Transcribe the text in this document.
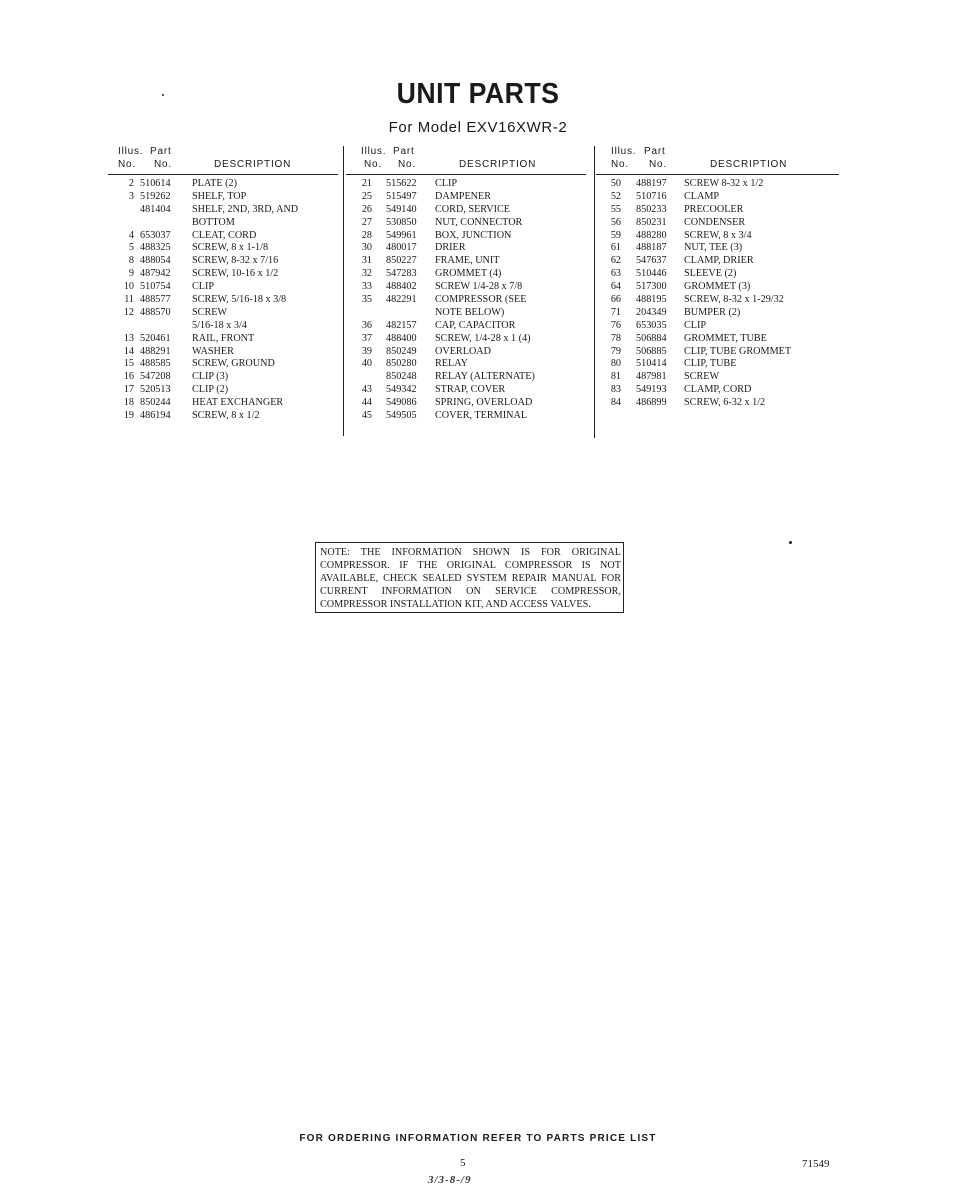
UNIT PARTS
For Model EXV16XWR-2
Illus. Part
No. No.	DESCRIPTION
2 510614 PLATE (2)
3 519262 SHELF, TOP
481404 SHELF, 2ND, 3RD, AND
BOTTOM
4 653037 CLEAT, CORD
5 488325 SCREW, 8 x 1-1/8
8 488054 SCREW, 8-32 x 7/16
9 487942 SCREW, 10-16 x 1/2
10 510754 CLIP
11 488577 SCREW, 5/16-18 x 3/8
12 488570 SCREW
5/16-18 x 3/4
13 520461 RAIL, FRONT
14 488291 WASHER
15 488585 SCREW, GROUND
16 547208 CLIP (3)
17 520513 CLIP (2)
18 850244 HEAT EXCHANGER
19 486194 SCREW, 8 x 1/2
Illus. Part
No. No.	DESCRIPTION
21 515622 CLIP
25 515497 DAMPENER
26 549140 CORD, SERVICE
27 530850 NUT, CONNECTOR
28 549961 BOX, JUNCTION
30 480017 DRIER
31 850227 FRAME, UNIT
32 547283 GROMMET (4)
33 488402 SCREW 1/4-28 x 7/8
35 482291 COMPRESSOR (SEE
NOTE BELOW)
36 482157 CAP, CAPACITOR
37 488400 SCREW, 1/4-28 x 1 (4)
39 850249 OVERLOAD
40 850280 RELAY
850248 RELAY (ALTERNATE)
43 549342 STRAP, COVER
44 549086 SPRING, OVERLOAD
45 549505 COVER, TERMINAL
Illus. Part
No. No.	DESCRIPTION
50 488197 SCREW 8-32 x 1/2
52 510716 CLAMP
55 850233 PRECOOLER
56 850231 CONDENSER
59 488280 SCREW, 8 x 3/4
61 488187 NUT, TEE (3)
62 547637 CLAMP, DRIER
63 510446 SLEEVE (2)
64 517300 GROMMET (3)
66 488195 SCREW, 8-32 x 1-29/32
71 204349 BUMPER (2)
76 653035 CLIP
78 506884 GROMMET, TUBE
79 506885 CLIP, TUBE GROMMET
80 510414 CLIP, TUBE
81 487981 SCREW
83 549193 CLAMP, CORD
84 486899 SCREW, 6-32 x 1/2
NOTE: THE INFORMATION SHOWN IS FOR ORIGINAL COMPRESSOR. IF THE ORIGINAL COMPRESSOR IS NOT AVAILABLE, CHECK SEALED SYSTEM REPAIR MANUAL FOR CURRENT INFORMATION ON SERVICE COMPRESSOR, COMPRESSOR INSTALLATION KIT, AND ACCESS VALVES.
FOR ORDERING INFORMATION REFER TO PARTS PRICE LIST
5	71549
3/3-8-/9
